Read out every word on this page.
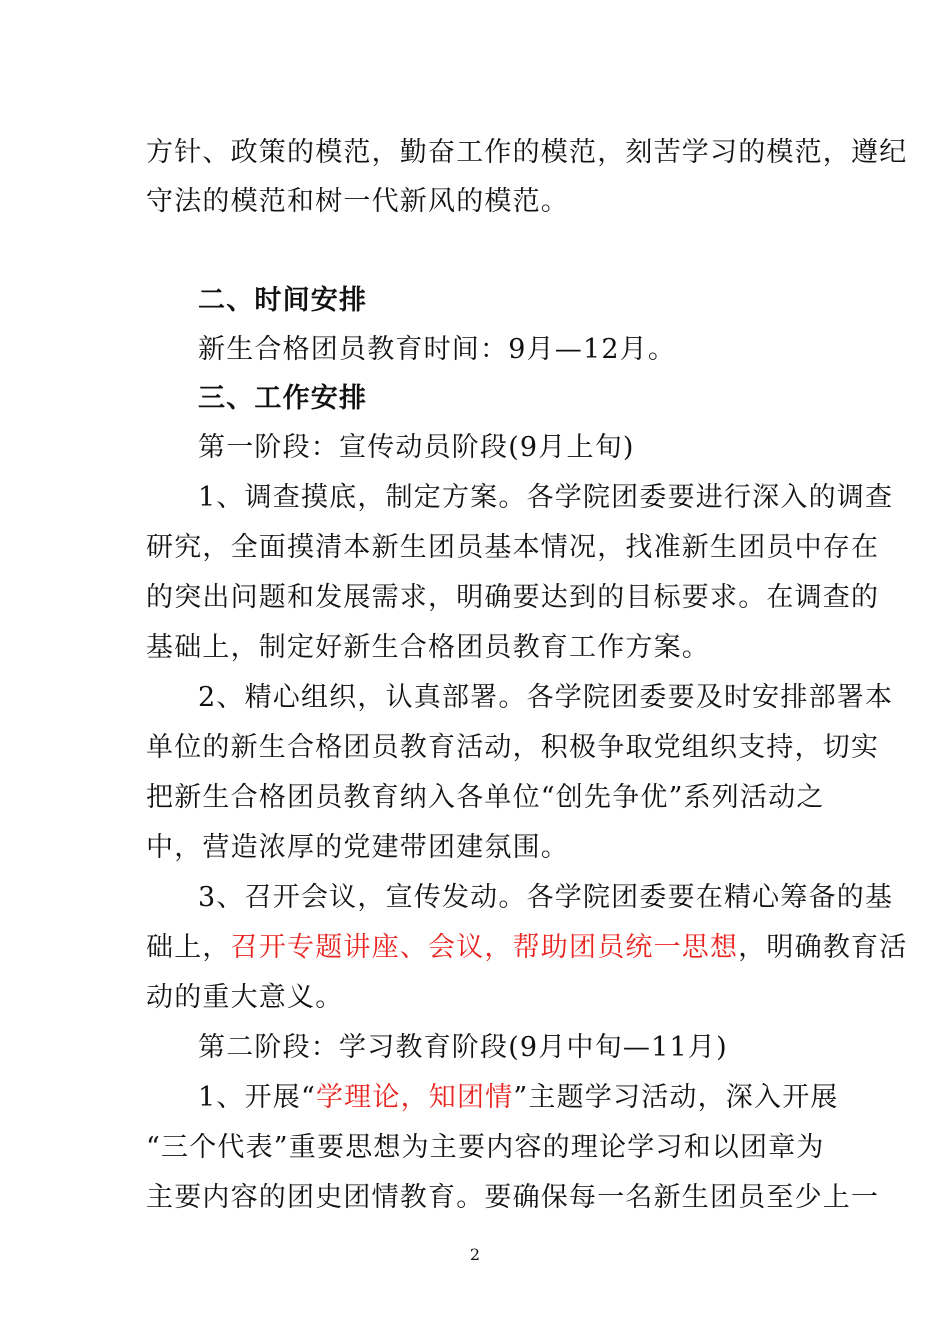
方针、政策的模范，勤奋工作的模范，刻苦学习的模范，遵纪

守法的模范和树一代新风的模范。

二、时间安排

新生合格团员教育时间：9月—12月。

三、工作安排

第一阶段：宣传动员阶段(9月上旬)

1、调查摸底，制定方案。各学院团委要进行深入的调查

研究，全面摸清本新生团员基本情况，找准新生团员中存在

的突出问题和发展需求，明确要达到的目标要求。在调查的

基础上，制定好新生合格团员教育工作方案。

2、精心组织，认真部署。各学院团委要及时安排部署本

单位的新生合格团员教育活动，积极争取党组织支持，切实

把新生合格团员教育纳入各单位“创先争优”系列活动之

中，营造浓厚的党建带团建氛围。

3、召开会议，宣传发动。各学院团委要在精心筹备的基

础上，召开专题讲座、会议，帮助团员统一思想，明确教育活

动的重大意义。

第二阶段：学习教育阶段(9月中旬—11月)

1、开展“学理论，知团情”主题学习活动，深入开展

“三个代表”重要思想为主要内容的理论学习和以团章为

主要内容的团史团情教育。要确保每一名新生团员至少上一

2
